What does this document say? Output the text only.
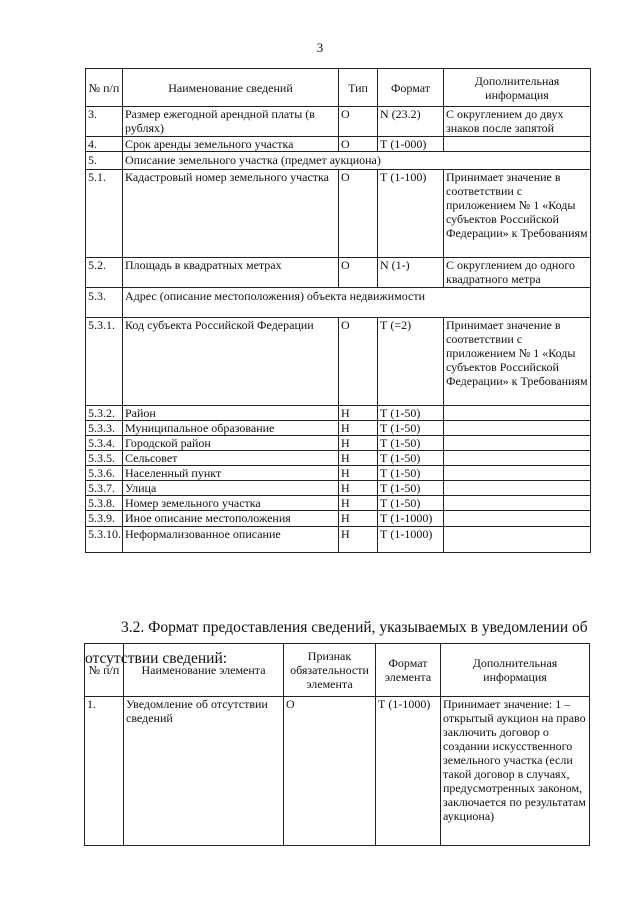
3
№ п/п	Наименование сведений	Тип	Формат	Дополнительная информация
3.	Размер ежегодной арендной платы (в рублях)	О	N (23.2)	С округлением до двух знаков после запятой
4.	Срок аренды земельного участка	О	Т (1-000)	
5.	Описание земельного участка (предмет аукциона)			
5.1.	Кадастровый номер земельного участка	О	Т (1-100)	Принимает значение в соответствии с приложением № 1 «Коды субъектов Российской Федерации» к Требованиям
5.2.	Площадь в квадратных метрах	О	N (1-)	С округлением до одного квадратного метра
5.3.	Адрес (описание местоположения) объекта недвижимости			
5.3.1.	Код субъекта Российской Федерации	О	Т (=2)	Принимает значение в соответствии с приложением № 1 «Коды субъектов Российской Федерации» к Требованиям
5.3.2.	Район	Н	Т (1-50)	
5.3.3.	Муниципальное образование	Н	Т (1-50)	
5.3.4.	Городской район	Н	Т (1-50)	
5.3.5.	Сельсовет	Н	Т (1-50)	
5.3.6.	Населенный пункт	Н	Т (1-50)	
5.3.7.	Улица	Н	Т (1-50)	
5.3.8.	Номер земельного участка	Н	Т (1-50)	
5.3.9.	Иное описание местоположения	Н	Т (1-1000)	
5.3.10.	Неформализованное описание	Н	Т (1-1000)	
3.2. Формат предоставления сведений, указываемых в уведомлении об отсутствии сведений:
№ п/п	Наименование элемента	Признак обязательности элемента	Формат элемента	Дополнительная информация
1.	Уведомление об отсутствии сведений	О	Т (1-1000)	Принимает значение: 1 – открытый аукцион на право заключить договор о создании искусственного земельного участка (если такой договор в случаях, предусмотренных законом, заключается по результатам аукциона)
